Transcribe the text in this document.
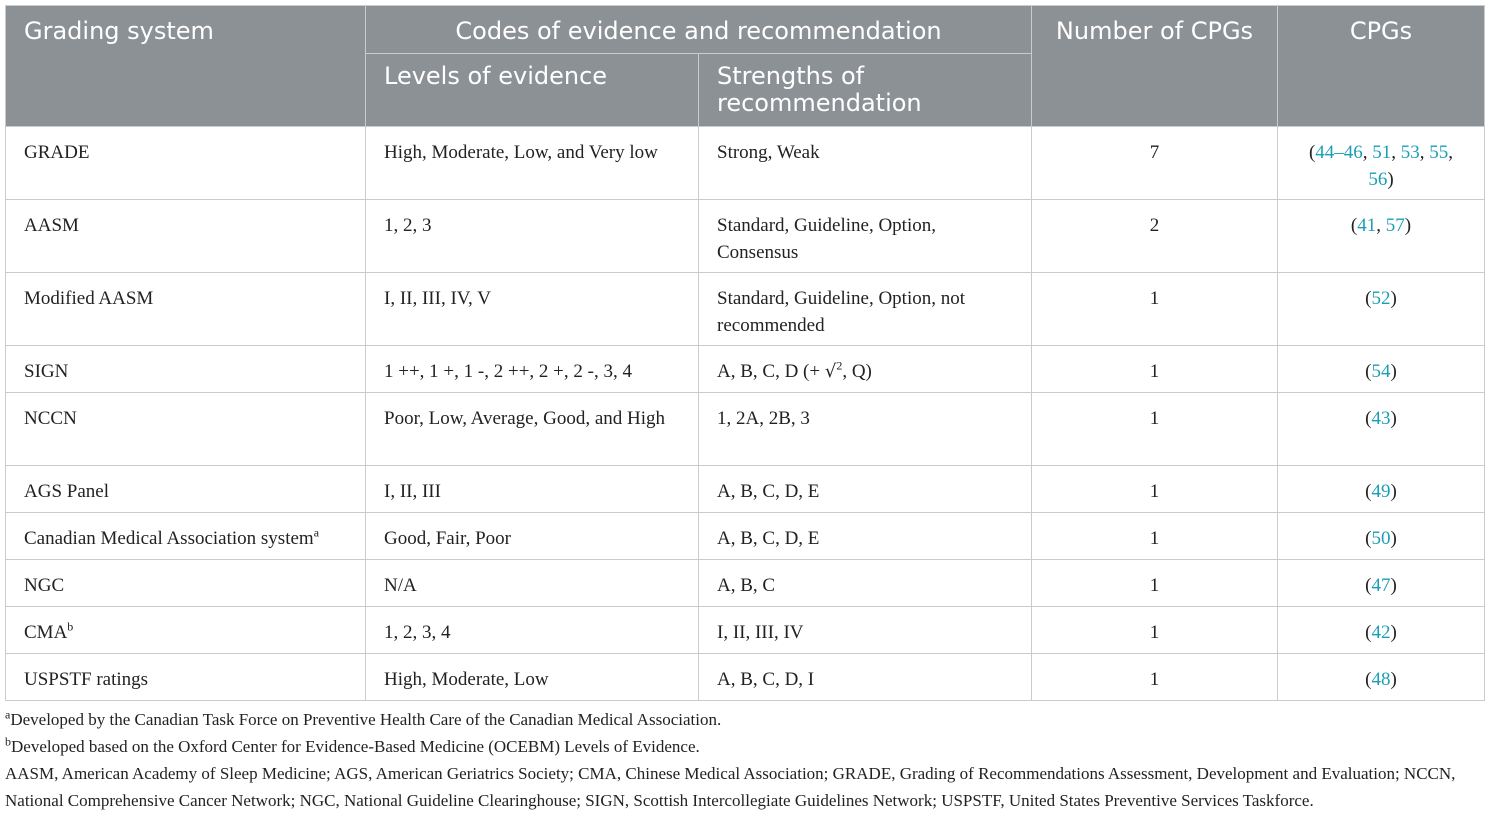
Grading system	Codes of evidence and recommendation		Number of CPGs	CPGs
	Levels of evidence	Strengths of recommendation		
GRADE	High, Moderate, Low, and Very low	Strong, Weak	7	(44–46, 51, 53, 55, 56)
AASM	1, 2, 3	Standard, Guideline, Option, Consensus	2	(41, 57)
Modified AASM	I, II, III, IV, V	Standard, Guideline, Option, not recommended	1	(52)
SIGN	1 ++, 1 +, 1 -, 2 ++, 2 +, 2 -, 3, 4	A, B, C, D (+ √$^2$, Q)	1	(54)
NCCN	Poor, Low, Average, Good, and High	1, 2A, 2B, 3	1	(43)
AGS Panel	I, II, III	A, B, C, D, E	1	(49)
Canadian Medical Association system$^a$	Good, Fair, Poor	A, B, C, D, E	1	(50)
NGC	N/A	A, B, C	1	(47)
CMA$^b$	1, 2, 3, 4	I, II, III, IV	1	(42)
USPSTF ratings	High, Moderate, Low	A, B, C, D, I	1	(48)

$^a$Developed by the Canadian Task Force on Preventive Health Care of the Canadian Medical Association.

$^b$Developed based on the Oxford Center for Evidence-Based Medicine (OCEBM) Levels of Evidence.

AASM, American Academy of Sleep Medicine; AGS, American Geriatrics Society; CMA, Chinese Medical Association; GRADE, Grading of Recommendations Assessment, Development and Evaluation; NCCN, National Comprehensive Cancer Network; NGC, National Guideline Clearinghouse; SIGN, Scottish Intercollegiate Guidelines Network; USPSTF, United States Preventive Services Taskforce.
